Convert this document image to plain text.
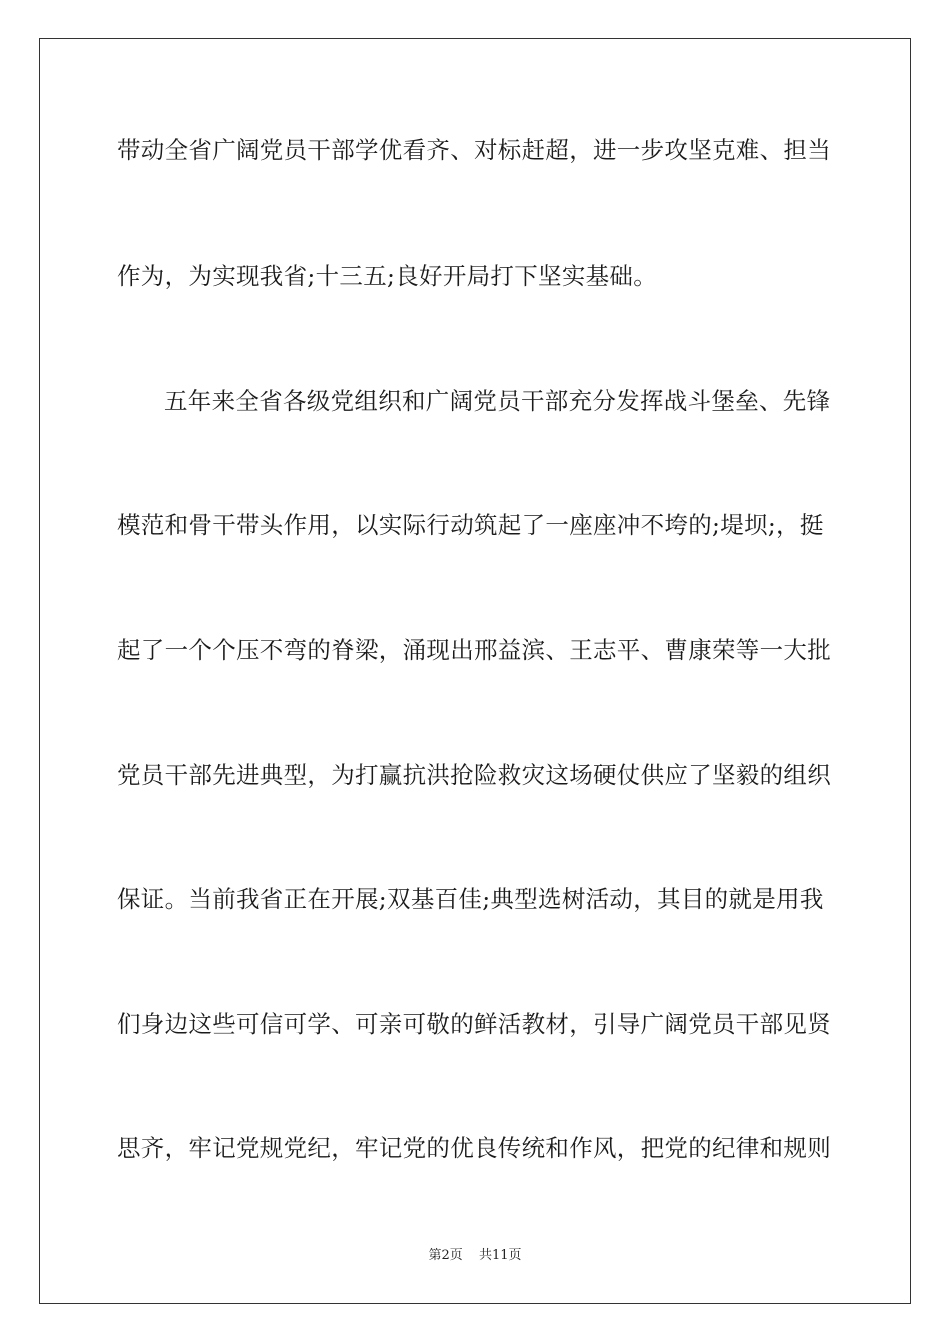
带动全省广阔党员干部学优看齐、对标赶超，进一步攻坚克难、担当
作为，为实现我省;十三五;良好开局打下坚实基础。
五年来全省各级党组织和广阔党员干部充分发挥战斗堡垒、先锋
模范和骨干带头作用，以实际行动筑起了一座座冲不垮的;堤坝;，挺
起了一个个压不弯的脊梁，涌现出邢益滨、王志平、曹康荣等一大批
党员干部先进典型，为打赢抗洪抢险救灾这场硬仗供应了坚毅的组织
保证。当前我省正在开展;双基百佳;典型选树活动，其目的就是用我
们身边这些可信可学、可亲可敬的鲜活教材，引导广阔党员干部见贤
思齐，牢记党规党纪，牢记党的优良传统和作风，把党的纪律和规则
第2页 共11页
